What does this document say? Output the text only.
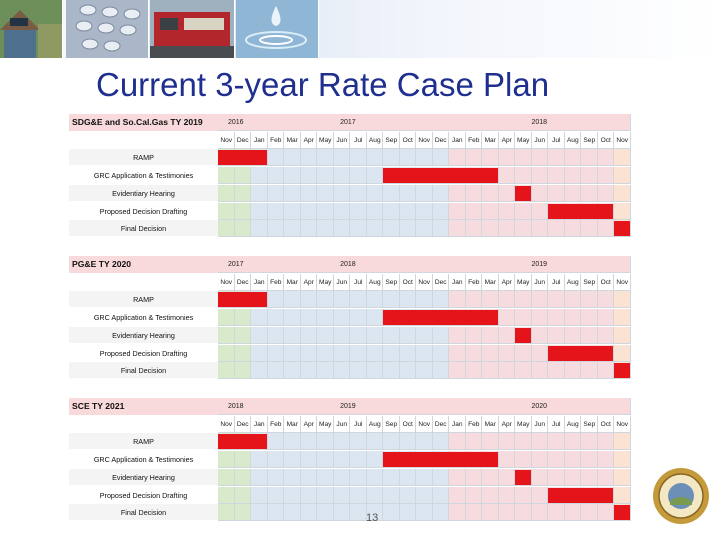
Current 3-year Rate Case Plan
SDG&E and So.Cal.Gas TY 2019	2016	2017	2018
Nov Dec Jan Feb Mar Apr May Jun	Jul Aug Sep Oct Nov Dec Jan Feb Mar Apr May Jun	Jul Aug Sep Oct Nov
RAMP
GRC Application & Testimonies
Evidentiary Hearing
Proposed Decision Drafting
Final Decision
PG&E TY 2020	2017	2018	2019
Nov Dec Jan Feb Mar Apr May Jun	Jul Aug Sep Oct Nov Dec Jan Feb Mar Apr May Jun	Jul Aug Sep Oct Nov
RAMP
GRC Application & Testimonies
Evidentiary Hearing
Proposed Decision Drafting
Final Decision
SCE TY 2021	2018	2019	2020
Nov Dec Jan Feb Mar Apr May Jun	Jul Aug Sep Oct Nov Dec Jan Feb Mar Apr May Jun	Jul Aug Sep Oct Nov
RAMP
GRC Application & Testimonies
Evidentiary Hearing
Proposed Decision Drafting
Final Decision	13
